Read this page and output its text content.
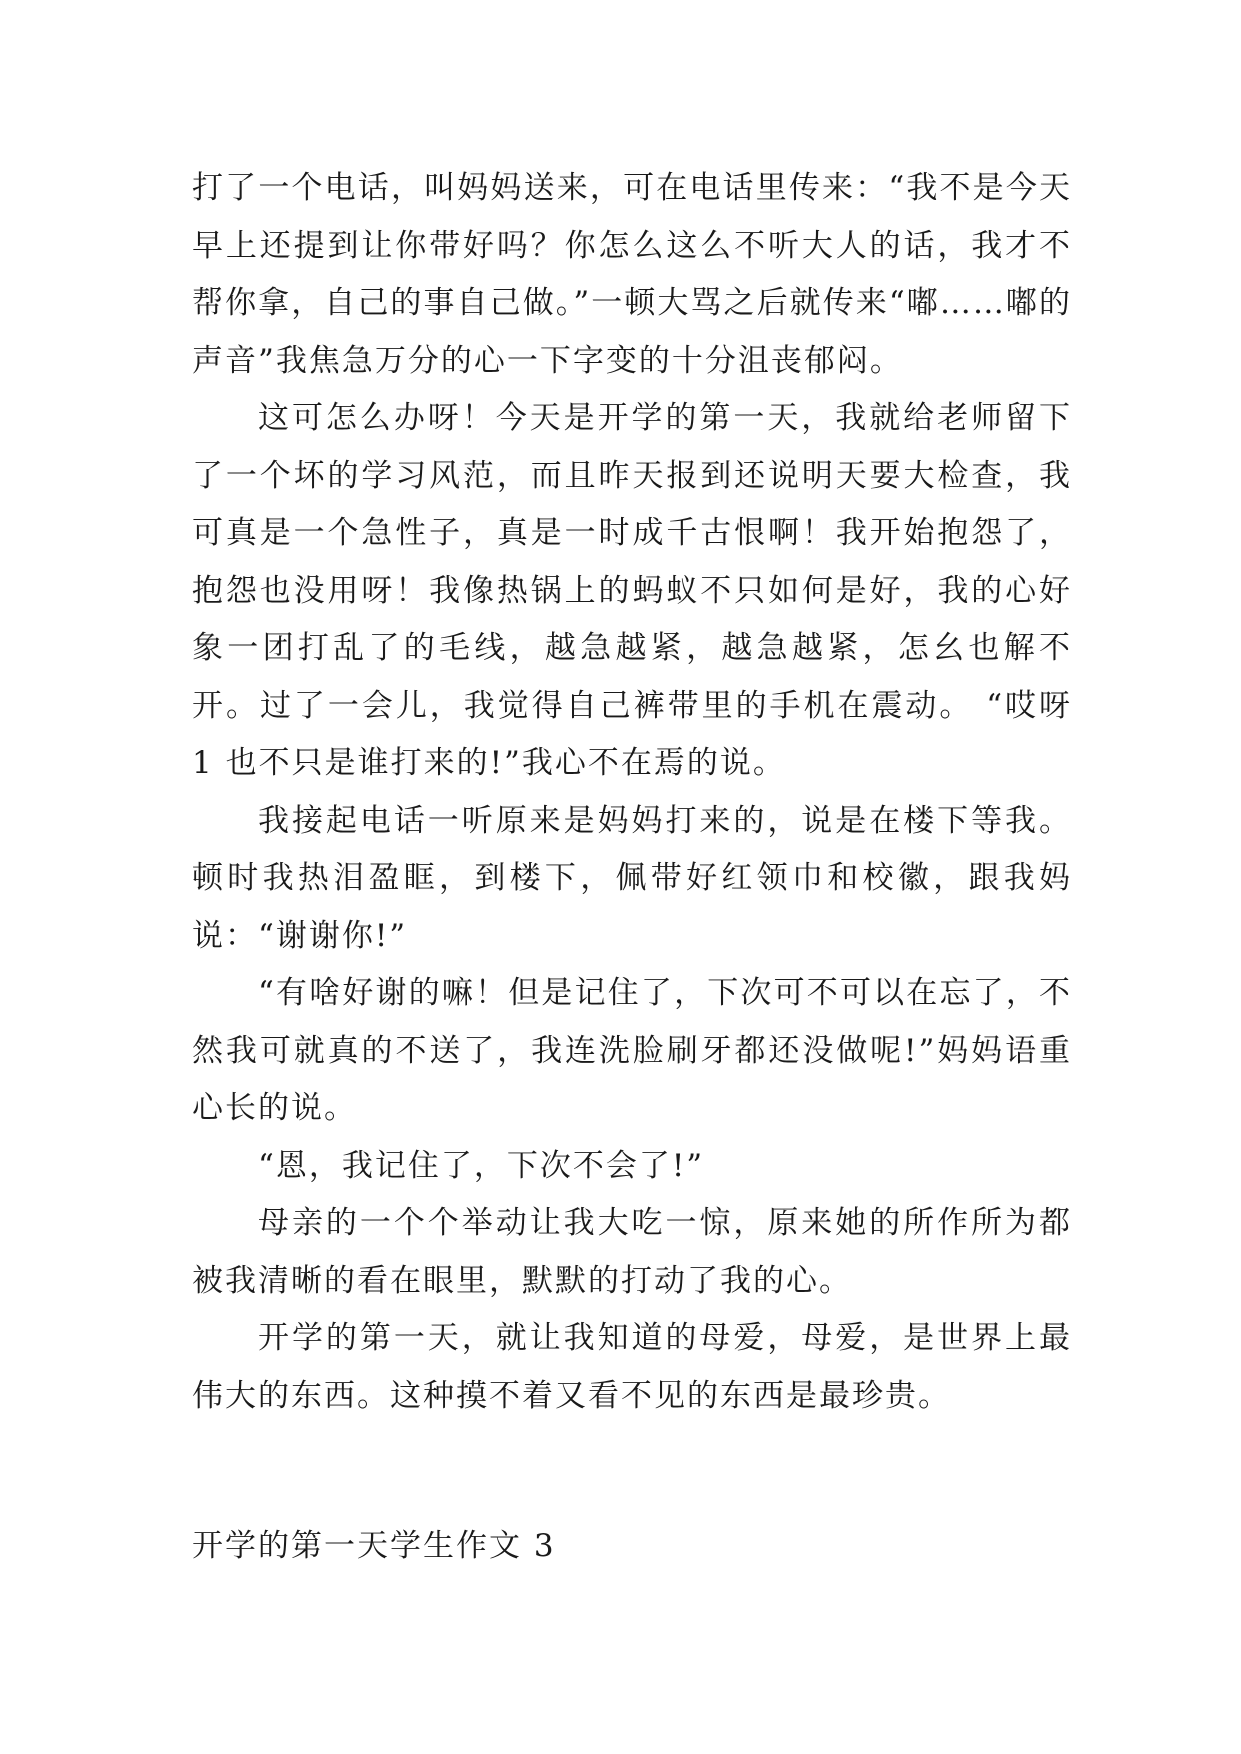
打了一个电话，叫妈妈送来，可在电话里传来：“我不是今天早上还提到让你带好吗？你怎么这么不听大人的话，我才不帮你拿，自己的事自己做。”一顿大骂之后就传来“嘟……嘟的声音”我焦急万分的心一下字变的十分沮丧郁闷。

这可怎么办呀！今天是开学的第一天，我就给老师留下了一个坏的学习风范，而且昨天报到还说明天要大检查，我可真是一个急性子，真是一时成千古恨啊！我开始抱怨了，抱怨也没用呀！我像热锅上的蚂蚁不只如何是好，我的心好象一团打乱了的毛线，越急越紧，越急越紧，怎幺也解不开。过了一会儿，我觉得自己裤带里的手机在震动。 “哎呀 1 也不只是谁打来的!”我心不在焉的说。

我接起电话一听原来是妈妈打来的，说是在楼下等我。顿时我热泪盈眶，到楼下，佩带好红领巾和校徽，跟我妈说：“谢谢你!”

“有啥好谢的嘛！但是记住了，下次可不可以在忘了，不然我可就真的不送了，我连洗脸刷牙都还没做呢!”妈妈语重心长的说。

“恩，我记住了，下次不会了!”

母亲的一个个举动让我大吃一惊，原来她的所作所为都被我清晰的看在眼里，默默的打动了我的心。

开学的第一天，就让我知道的母爱，母爱，是世界上最伟大的东西。这种摸不着又看不见的东西是最珍贵。

开学的第一天学生作文 3
